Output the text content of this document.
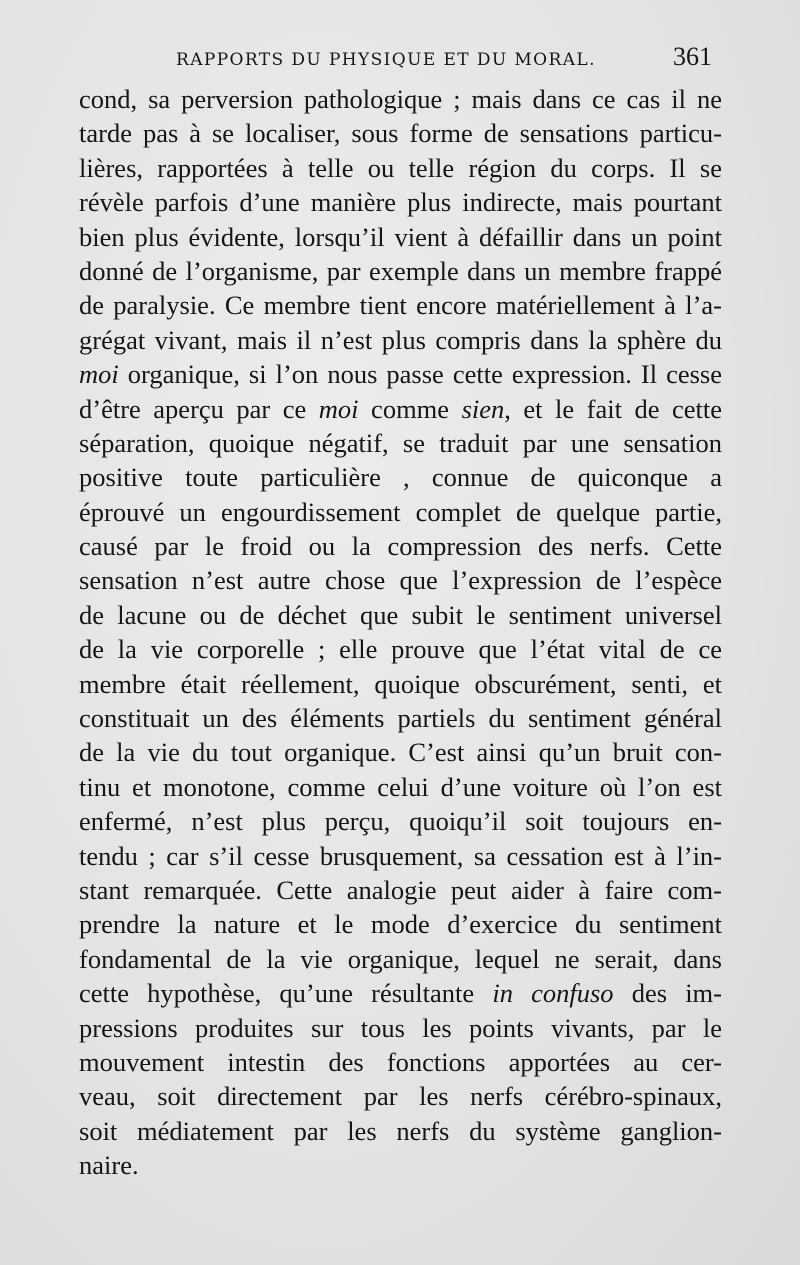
RAPPORTS DU PHYSIQUE ET DU MORAL.	361
cond, sa perversion pathologique ; mais dans ce cas il ne
tarde pas à se localiser, sous forme de sensations particu-
lières, rapportées à telle ou telle région du corps. Il se
révèle parfois d’une manière plus indirecte, mais pourtant
bien plus évidente, lorsqu’il vient à défaillir dans un point
donné de l’organisme, par exemple dans un membre frappé
de paralysie. Ce membre tient encore matériellement à l’a-
grégat vivant, mais il n’est plus compris dans la sphère du
moi organique, si l’on nous passe cette expression. Il cesse
d’être aperçu par ce moi comme sien, et le fait de cette
séparation, quoique négatif, se traduit par une sensation
positive toute particulière , connue de quiconque a
éprouvé un engourdissement complet de quelque partie,
causé par le froid ou la compression des nerfs. Cette
sensation n’est autre chose que l’expression de l’espèce
de lacune ou de déchet que subit le sentiment universel
de la vie corporelle ; elle prouve que l’état vital de ce
membre était réellement, quoique obscurément, senti, et
constituait un des éléments partiels du sentiment général
de la vie du tout organique. C’est ainsi qu’un bruit con-
tinu et monotone, comme celui d’une voiture où l’on est
enfermé, n’est plus perçu, quoiqu’il soit toujours en-
tendu ; car s’il cesse brusquement, sa cessation est à l’in-
stant remarquée. Cette analogie peut aider à faire com-
prendre la nature et le mode d’exercice du sentiment
fondamental de la vie organique, lequel ne serait, dans
cette hypothèse, qu’une résultante in confuso des im-
pressions produites sur tous les points vivants, par le
mouvement intestin des fonctions apportées au cer-
veau, soit directement par les nerfs cérébro-spinaux,
soit médiatement par les nerfs du système ganglion-
naire.
